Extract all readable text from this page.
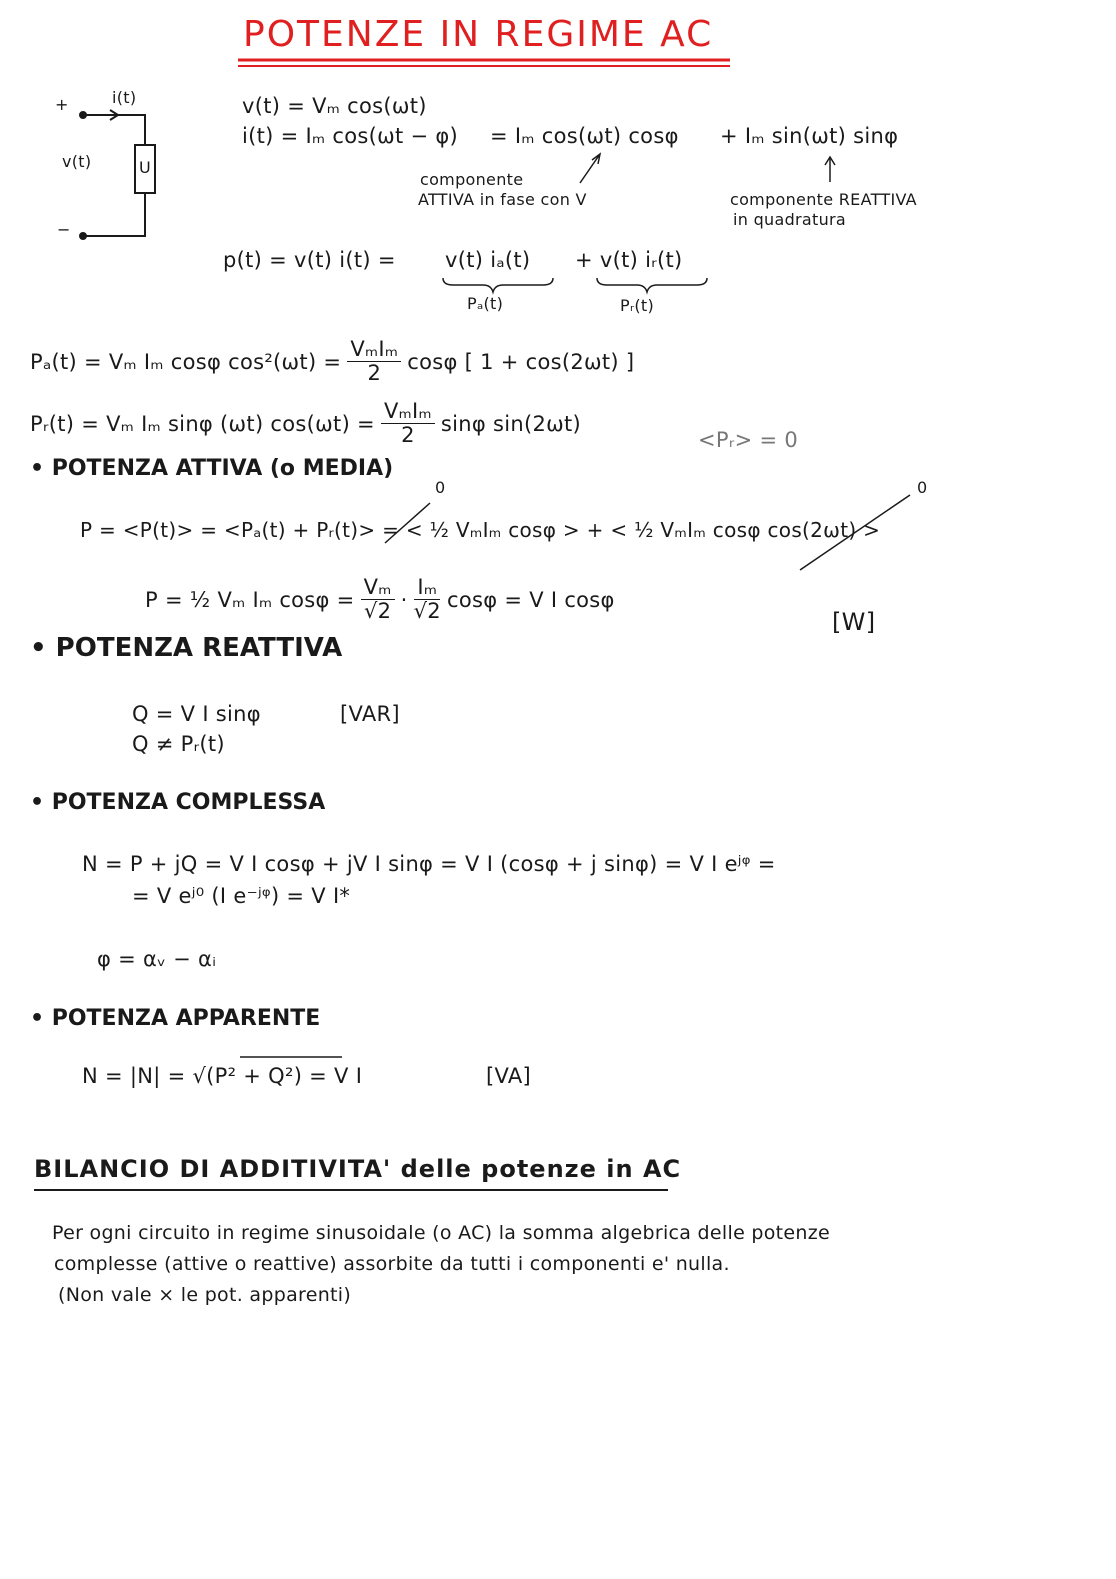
POTENZE IN REGIME AC
+	i(t)
v(t)	U
−
v(t) = Vₘ cos(ωt)
i(t) = Iₘ cos(ωt − φ) = Iₘ cos(ωt) cosφ + Iₘ sin(ωt) sinφ
componente
ATTIVA in fase con V	componente REATTIVA
in quadratura
p(t) = v(t) i(t) = v(t) iₐ(t) + v(t) iᵣ(t)
Pₐ(t)	Pᵣ(t)
Pₐ(t) = Vₘ Iₘ cosφ $\cos^2(\omega t) = \frac{\text{VₘIₘ}}{2}$ cosφ [ 1 + cos(2ωt) ]
Pᵣ(t) = Vₘ Iₘ sinφ (ωt) $\cos(\omega t) = \frac{\text{VₘIₘ}}{2}$ sinφ sin(2ωt)
<Pᵣ> = 0
• POTENZA ATTIVA (o MEDIA)
0	0
P = <P(t)> = <Pₐ(t) + Pᵣ(t)> = < ½ VₘIₘ cosφ > + < ½ VₘIₘ cosφ cos(2ωt) >
P = ½ Vₘ Iₘ $\cos\varphi = \frac{\text{Vₘ}}{√2} \cdot \frac{\text{Iₘ}}{√2}$ cosφ = V I cosφ
[W]
• POTENZA REATTIVA
Q = V I sinφ	[VAR]
Q ≠ Pᵣ(t)
• POTENZA COMPLESSA
N = P + jQ = V I cosφ + jV I sinφ = V I (cosφ + j sinφ) = V I eʲᵠ =
= V eʲ⁰ (I e⁻ʲᵠ) = V I*
φ = αᵥ − αᵢ
• POTENZA APPARENTE
N = |N| = √(P² + Q²) = V I	[VA]
BILANCIO DI ADDITIVITA' delle potenze in AC
Per ogni circuito in regime sinusoidale (o AC) la somma algebrica delle potenze
complesse (attive o reattive) assorbite da tutti i componenti e' nulla.
(Non vale × le pot. apparenti)
